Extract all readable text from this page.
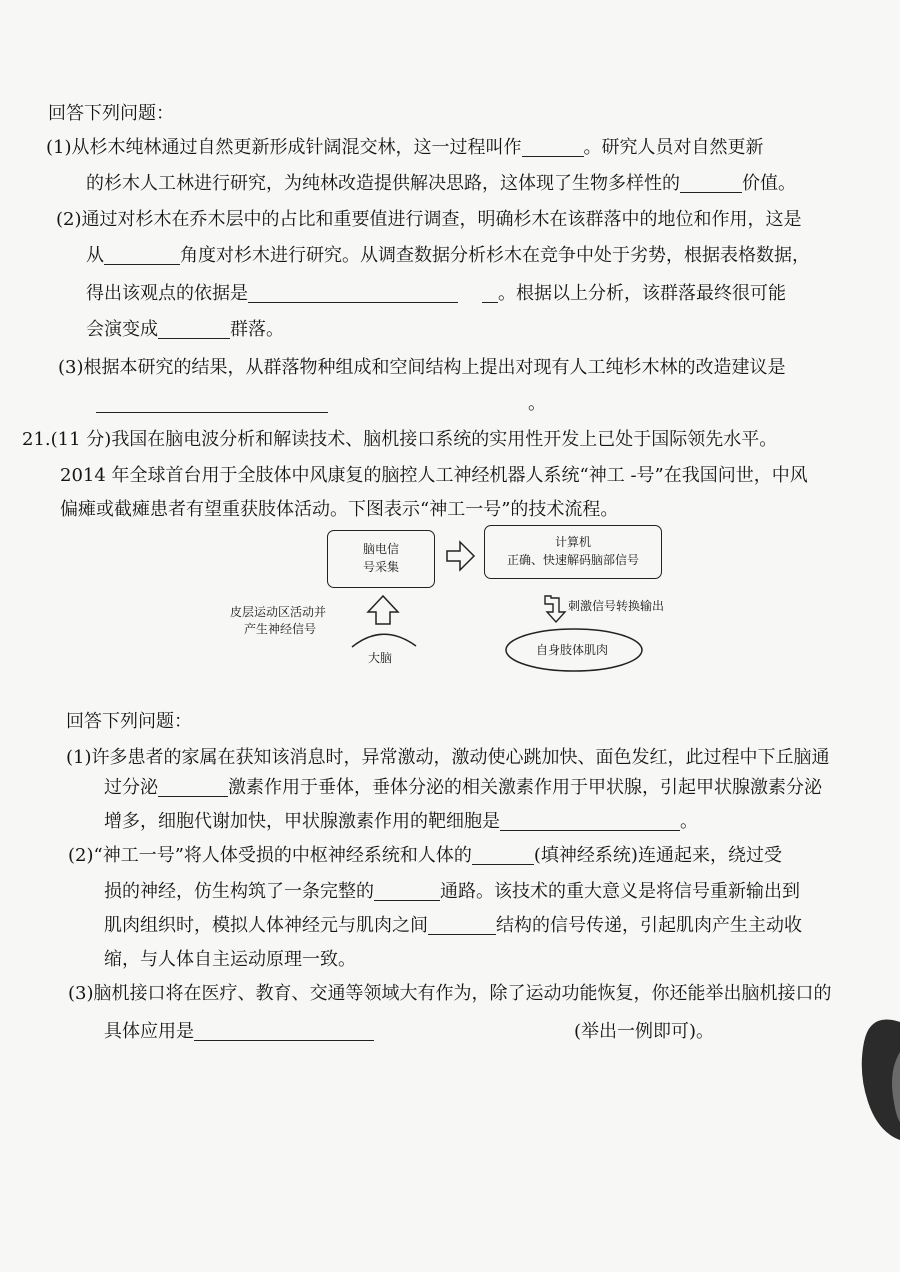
回答下列问题：
(1)从杉木纯林通过自然更新形成针阔混交林，这一过程叫作	。研究人员对自然更新
的杉木人工林进行研究，为纯林改造提供解决思路，这体现了生物多样性的	价值。
(2)通过对杉木在乔木层中的占比和重要值进行调查，明确杉木在该群落中的地位和作用，这是
从	角度对杉木进行研究。从调查数据分析杉木在竞争中处于劣势，根据表格数据，
得出该观点的依据是	。根据以上分析，该群落最终很可能
会演变成	群落。
(3)根据本研究的结果，从群落物种组成和空间结构上提出对现有人工纯杉木林的改造建议是
。
21.(11 分)我国在脑电波分析和解读技术、脑机接口系统的实用性开发上已处于国际领先水平。
2014 年全球首台用于全肢体中风康复的脑控人工神经机器人系统“神工 -号”在我国问世，中风
偏瘫或截瘫患者有望重获肢体活动。下图表示“神工一号”的技术流程。
脑电信
号采集
计算机
正确、快速解码脑部信号
皮层运动区活动并
产生神经信号
大脑
刺激信号转换输出
自身肢体肌肉
回答下列问题：
(1)许多患者的家属在获知该消息时，异常激动，激动使心跳加快、面色发红，此过程中下丘脑通
过分泌	激素作用于垂体，垂体分泌的相关激素作用于甲状腺，引起甲状腺激素分泌
增多，细胞代谢加快，甲状腺激素作用的靶细胞是	。
(2)“神工一号”将人体受损的中枢神经系统和人体的	(填神经系统)连通起来，绕过受
损的神经，仿生构筑了一条完整的	通路。该技术的重大意义是将信号重新输出到
肌肉组织时，模拟人体神经元与肌肉之间	结构的信号传递，引起肌肉产生主动收
缩，与人体自主运动原理一致。
(3)脑机接口将在医疗、教育、交通等领域大有作为，除了运动功能恢复，你还能举出脑机接口的
具体应用是	(举出一例即可)。
